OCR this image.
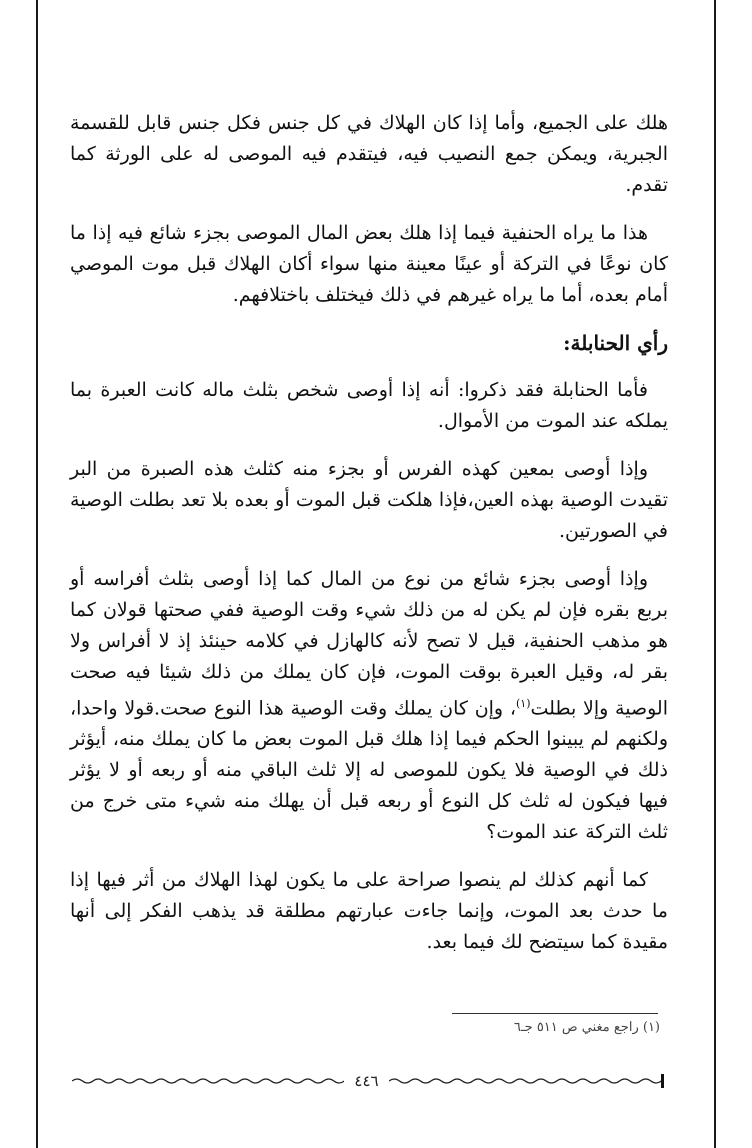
هلك على الجميع، وأما إذا كان الهلاك في كل جنس فكل جنس قابل للقسمة الجبرية، ويمكن جمع النصيب فيه، فيتقدم فيه الموصى له على الورثة كما تقدم.

هذا ما يراه الحنفية فيما إذا هلك بعض المال الموصى بجزء شائع فيه إذا ما كان نوعًا في التركة أو عينًا معينة منها سواء أكان الهلاك قبل موت الموصي أمام بعده، أما ما يراه غيرهم في ذلك فيختلف باختلافهم.

رأي الحنابلة:

فأما الحنابلة فقد ذكروا: أنه إذا أوصى شخص بثلث ماله كانت العبرة بما يملكه عند الموت من الأموال.

وإذا أوصى بمعين كهذه الفرس أو بجزء منه كثلث هذه الصبرة من البر تقيدت الوصية بهذه العين،فإذا هلكت قبل الموت أو بعده بلا تعد بطلت الوصية في الصورتين.

وإذا أوصى بجزء شائع من نوع من المال كما إذا أوصى بثلث أفراسه أو بربع بقره فإن لم يكن له من ذلك شيء وقت الوصية ففي صحتها قولان كما هو مذهب الحنفية، قيل لا تصح لأنه كالهازل في كلامه حينئذ إذ لا أفراس ولا بقر له، وقيل العبرة بوقت الموت، فإن كان يملك من ذلك شيئا فيه صحت الوصية وإلا بطلت$^{(١)}$، وإن كان يملك وقت الوصية هذا النوع صحت.قولا واحدا، ولكنهم لم يبينوا الحكم فيما إذا هلك قبل الموت بعض ما كان يملك منه، أيؤثر ذلك في الوصية فلا يكون للموصى له إلا ثلث الباقي منه أو ربعه أو لا يؤثر فيها فيكون له ثلث كل النوع أو ربعه قبل أن يهلك منه شيء متى خرج من ثلث التركة عند الموت؟

كما أنهم كذلك لم ينصوا صراحة على ما يكون لهذا الهلاك من أثر فيها إذا ما حدث بعد الموت، وإنما جاءت عبارتهم مطلقة قد يذهب الفكر إلى أنها مقيدة كما سيتضح لك فيما بعد.

(١) راجع مغني ص ٥١١ جـ٦
٤٤٦
